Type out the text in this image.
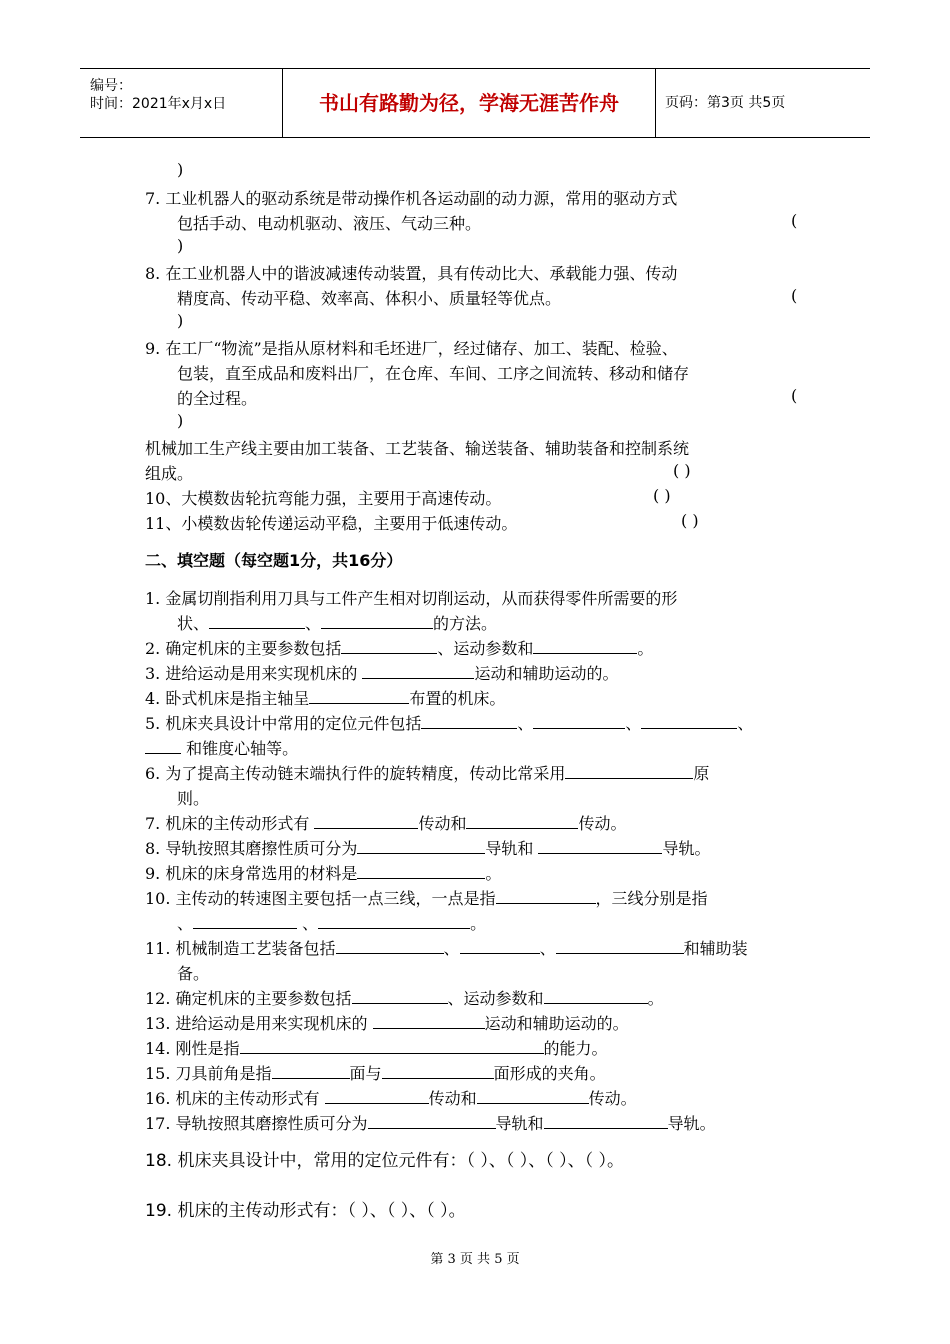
编号：
时间：2021年x月x日	书山有路勤为径，学海无涯苦作舟	页码：第3页 共5页
)
7. 工业机器人的驱动系统是带动操作机各运动副的动力源，常用的驱动方式
包括手动、电动机驱动、液压、气动三种。	(
)
8. 在工业机器人中的谐波减速传动装置，具有传动比大、承载能力强、传动
精度高、传动平稳、效率高、体积小、质量轻等优点。	(
)
9. 在工厂“物流”是指从原材料和毛坯进厂，经过储存、加工、装配、检验、
包装，直至成品和废料出厂，在仓库、车间、工序之间流转、移动和储存
的全过程。	(
)
机械加工生产线主要由加工装备、工艺装备、输送装备、辅助装备和控制系统
组成。	( )
10、大模数齿轮抗弯能力强，主要用于高速传动。	( )
11、小模数齿轮传递运动平稳，主要用于低速传动。	( )
二、填空题（每空题1分，共16分）
1. 金属切削指利用刀具与工件产生相对切削运动，从而获得零件所需要的形
状、	、	的方法。
2. 确定机床的主要参数包括	、运动参数和	。
3. 进给运动是用来实现机床的	运动和辅助运动的。
4. 卧式机床是指主轴呈	布置的机床。
5. 机床夹具设计中常用的定位元件包括	、	、	、
和锥度心轴等。
6. 为了提高主传动链末端执行件的旋转精度，传动比常采用	原
则。
7. 机床的主传动形式有	传动和	传动。
8. 导轨按照其磨擦性质可分为	导轨和	导轨。
9. 机床的床身常选用的材料是	。
10. 主传动的转速图主要包括一点三线，一点是指	，三线分别是指
、	、	。
11. 机械制造工艺装备包括	、	、	和辅助装
备。
12. 确定机床的主要参数包括	、运动参数和	。
13. 进给运动是用来实现机床的	运动和辅助运动的。
14. 刚性是指	的能力。
15. 刀具前角是指	面与	面形成的夹角。
16. 机床的主传动形式有	传动和	传动。
17. 导轨按照其磨擦性质可分为	导轨和	导轨。
18. 机床夹具设计中，常用的定位元件有：（ ）、（ ）、（ ）、（ ）。
19. 机床的主传动形式有：（ ）、（ ）、（ ）。
第 3 页 共 5 页
